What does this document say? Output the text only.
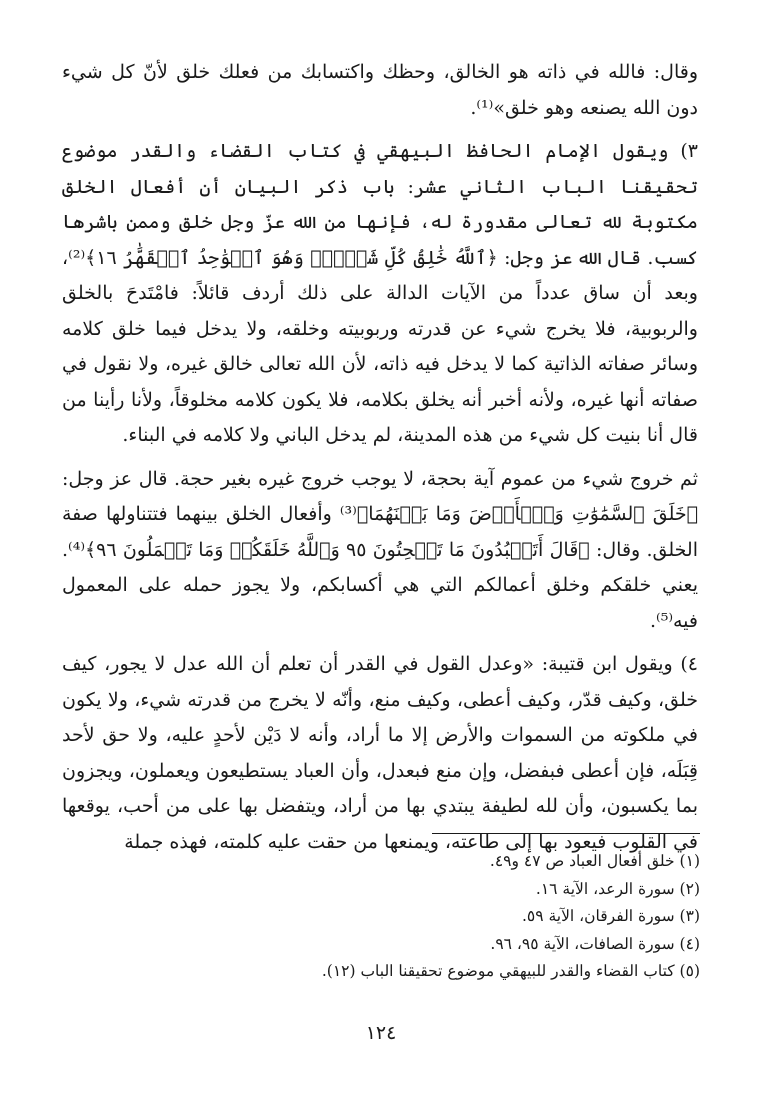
وقال: فالله في ذاته هو الخالق، وحظك واكتسابك من فعلك خلق لأنّ كل شيء دون الله يصنعه وهو خلق»⁽¹⁾.

٣) ويقول الإمام الحافظ البيهقي في كتاب القضاء والقدر موضوع تحقيقنا الباب الثاني عشر: باب ذكر البيان أن أفعال الخلق مكتوبة لله تعالى مقدورة له، فإنها من الله عزّ وجل خلق وممن باشرها كسب. قال الله عز وجل: ﴿ٱللَّهُ خَٰلِقُ كُلِّ شَيۡءٖۖ وَهُوَ ٱلۡوَٰحِدُ ٱلۡقَهَّٰرُ ١٦﴾⁽²⁾، وبعد أن ساق عدداً من الآيات الدالة على ذلك أردف قائلاً: فامْتَدحَ بالخلق والربوبية، فلا يخرج شيء عن قدرته وربوبيته وخلقه، ولا يدخل فيما خلق كلامه وسائر صفاته الذاتية كما لا يدخل فيه ذاته، لأن الله تعالى خالق غيره، ولا نقول في صفاته أنها غيره، ولأنه أخبر أنه يخلق بكلامه، فلا يكون كلامه مخلوقاً، ولأنا رأينا من قال أنا بنيت كل شيء من هذه المدينة، لم يدخل الباني ولا كلامه في البناء.

ثم خروج شيء من عموم آية بحجة، لا يوجب خروج غيره بغير حجة. قال عز وجل: ﴿خَلَقَ ٱلسَّمَٰوَٰتِ وَٱلۡأَرۡضَ وَمَا بَيۡنَهُمَا﴾⁽³⁾ وأفعال الخلق بينهما فتتناولها صفة الخلق. وقال: ﴿قَالَ أَتَعۡبُدُونَ مَا تَنۡحِتُونَ ٩٥ وَٱللَّهُ خَلَقَكُمۡ وَمَا تَعۡمَلُونَ ٩٦﴾⁽⁴⁾. يعني خلقكم وخلق أعمالكم التي هي أكسابكم، ولا يجوز حمله على المعمول فيه⁽⁵⁾.

٤) ويقول ابن قتيبة: «وعدل القول في القدر أن تعلم أن الله عدل لا يجور، كيف خلق، وكيف قدّر، وكيف أعطى، وكيف منع، وأنّه لا يخرج من قدرته شيء، ولا يكون في ملكوته من السموات والأرض إلا ما أراد، وأنه لا دَيْن لأحدٍ عليه، ولا حق لأحد قِبَلَه، فإن أعطى فبفضل، وإن منع فبعدل، وأن العباد يستطيعون ويعملون، ويجزون بما يكسبون، وأن لله لطيفة يبتدي بها من أراد، ويتفضل بها على من أحب، يوقعها في القلوب فيعود بها إلى طاعته، ويمنعها من حقت عليه كلمته، فهذه جملة

(١) خلق أفعال العباد ص ٤٧ و٤٩.
(٢) سورة الرعد، الآية ١٦.
(٣) سورة الفرقان، الآية ٥٩.
(٤) سورة الصافات، الآية ٩٥، ٩٦.
(٥) كتاب القضاء والقدر للبيهقي موضوع تحقيقنا الباب (١٢).
١٢٤
